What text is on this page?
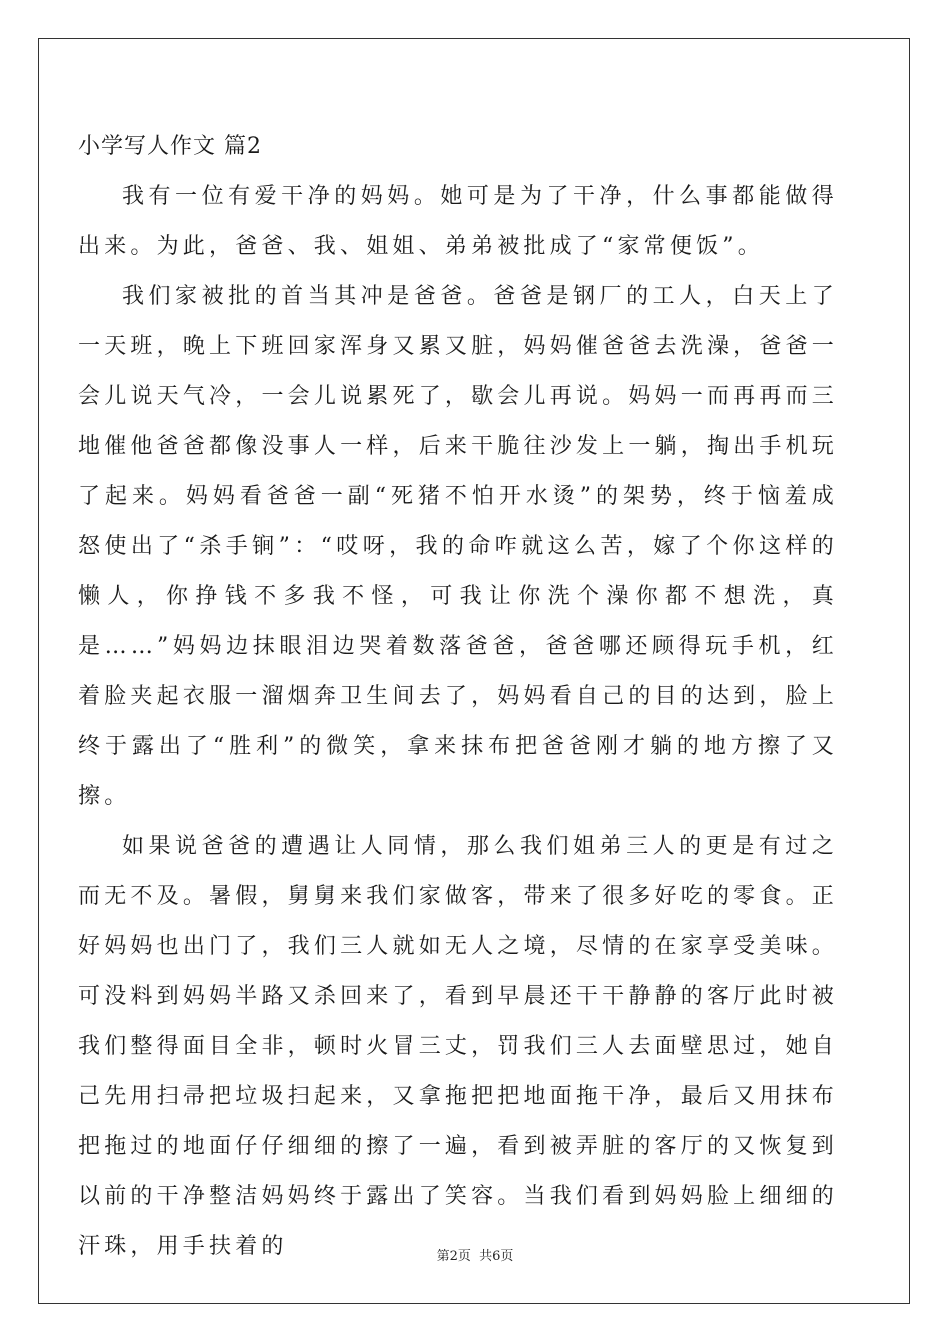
小学写人作文 篇2

我有一位有爱干净的妈妈。她可是为了干净，什么事都能做得出来。为此，爸爸、我、姐姐、弟弟被批成了“家常便饭”。

我们家被批的首当其冲是爸爸。爸爸是钢厂的工人，白天上了一天班，晚上下班回家浑身又累又脏，妈妈催爸爸去洗澡，爸爸一会儿说天气冷，一会儿说累死了，歇会儿再说。妈妈一而再再而三地催他爸爸都像没事人一样，后来干脆往沙发上一躺，掏出手机玩了起来。妈妈看爸爸一副“死猪不怕开水烫”的架势，终于恼羞成怒使出了“杀手锏”：“哎呀，我的命咋就这么苦，嫁了个你这样的懒人，你挣钱不多我不怪，可我让你洗个澡你都不想洗，真是……”妈妈边抹眼泪边哭着数落爸爸，爸爸哪还顾得玩手机，红着脸夹起衣服一溜烟奔卫生间去了，妈妈看自己的目的达到，脸上终于露出了“胜利”的微笑，拿来抹布把爸爸刚才躺的地方擦了又擦。

如果说爸爸的遭遇让人同情，那么我们姐弟三人的更是有过之而无不及。暑假，舅舅来我们家做客，带来了很多好吃的零食。正好妈妈也出门了，我们三人就如无人之境，尽情的在家享受美味。可没料到妈妈半路又杀回来了，看到早晨还干干静静的客厅此时被我们整得面目全非，顿时火冒三丈，罚我们三人去面壁思过，她自己先用扫帚把垃圾扫起来，又拿拖把把地面拖干净，最后又用抹布把拖过的地面仔仔细细的擦了一遍，看到被弄脏的客厅的又恢复到以前的干净整洁妈妈终于露出了笑容。当我们看到妈妈脸上细细的汗珠，用手扶着的	第2页 共6页
